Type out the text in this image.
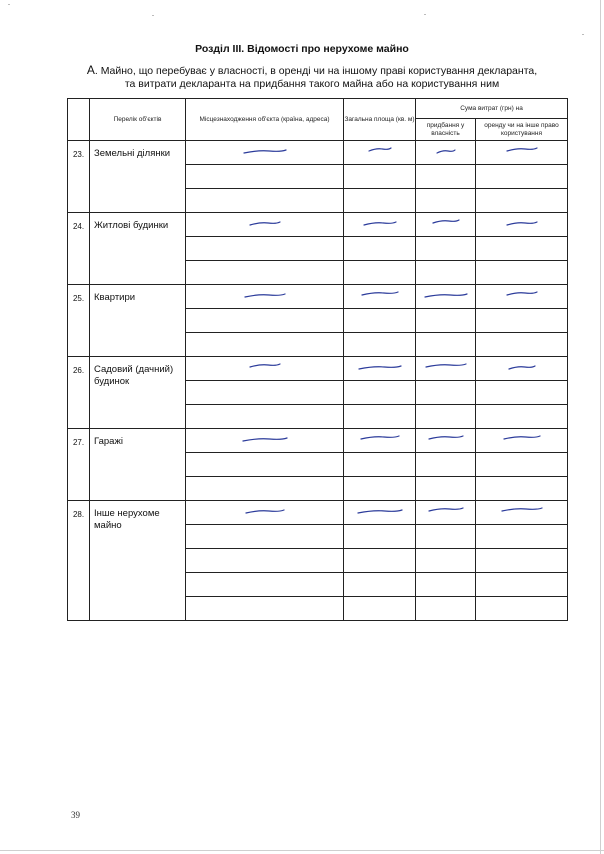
Розділ ІІІ. Відомості про нерухоме майно
А. Майно, що перебуває у власності, в оренді чи на іншому праві користування декларанта,
та витрати декларанта на придбання такого майна або на користування ним
	Перелік об'єктів	Місцезнаходження об'єкта (країна, адреса)	Загальна площа (кв. м)	Сума витрат (грн) на	
				придбання у власність	оренду чи на інше право користування
23.	Земельні ділянки	

24.	Житлові будинки	

25.	Квартири	

26.	Садовий (дачний) будинок	

27.	Гаражі	

28.	Інше нерухоме майно	

39
